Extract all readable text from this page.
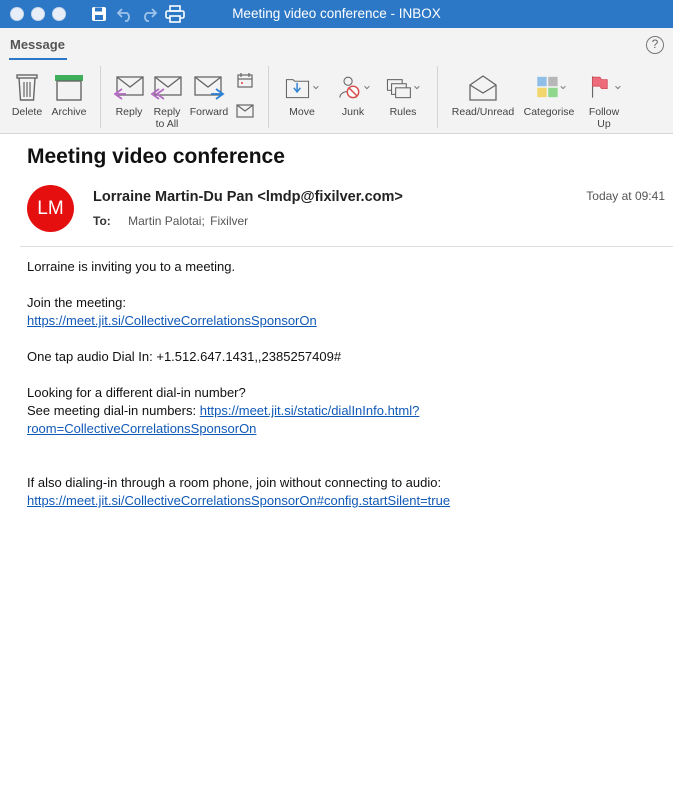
Meeting video conference - INBOX
Message	?
Delete Archive	Reply Reply
to All
Forward	Move	Junk Rules	Read/Unread Categorise Follow
Up
Meeting video conference
LM
Lorraine Martin-Du Pan <lmdp@fixilver.com>	Today at 09:41
To: Martin Palotai; Fixilver

Lorraine is inviting you to a meeting.

Join the meeting:

https://meet.jit.si/CollectiveCorrelationsSponsorOn

One tap audio Dial In: +1.512.647.1431,,2385257409#

Looking for a different dial-in number?

See meeting dial-in numbers: https://meet.jit.si/static/dialInInfo.html?

room=CollectiveCorrelationsSponsorOn

If also dialing-in through a room phone, join without connecting to audio:

https://meet.jit.si/CollectiveCorrelationsSponsorOn#config.startSilent=true
